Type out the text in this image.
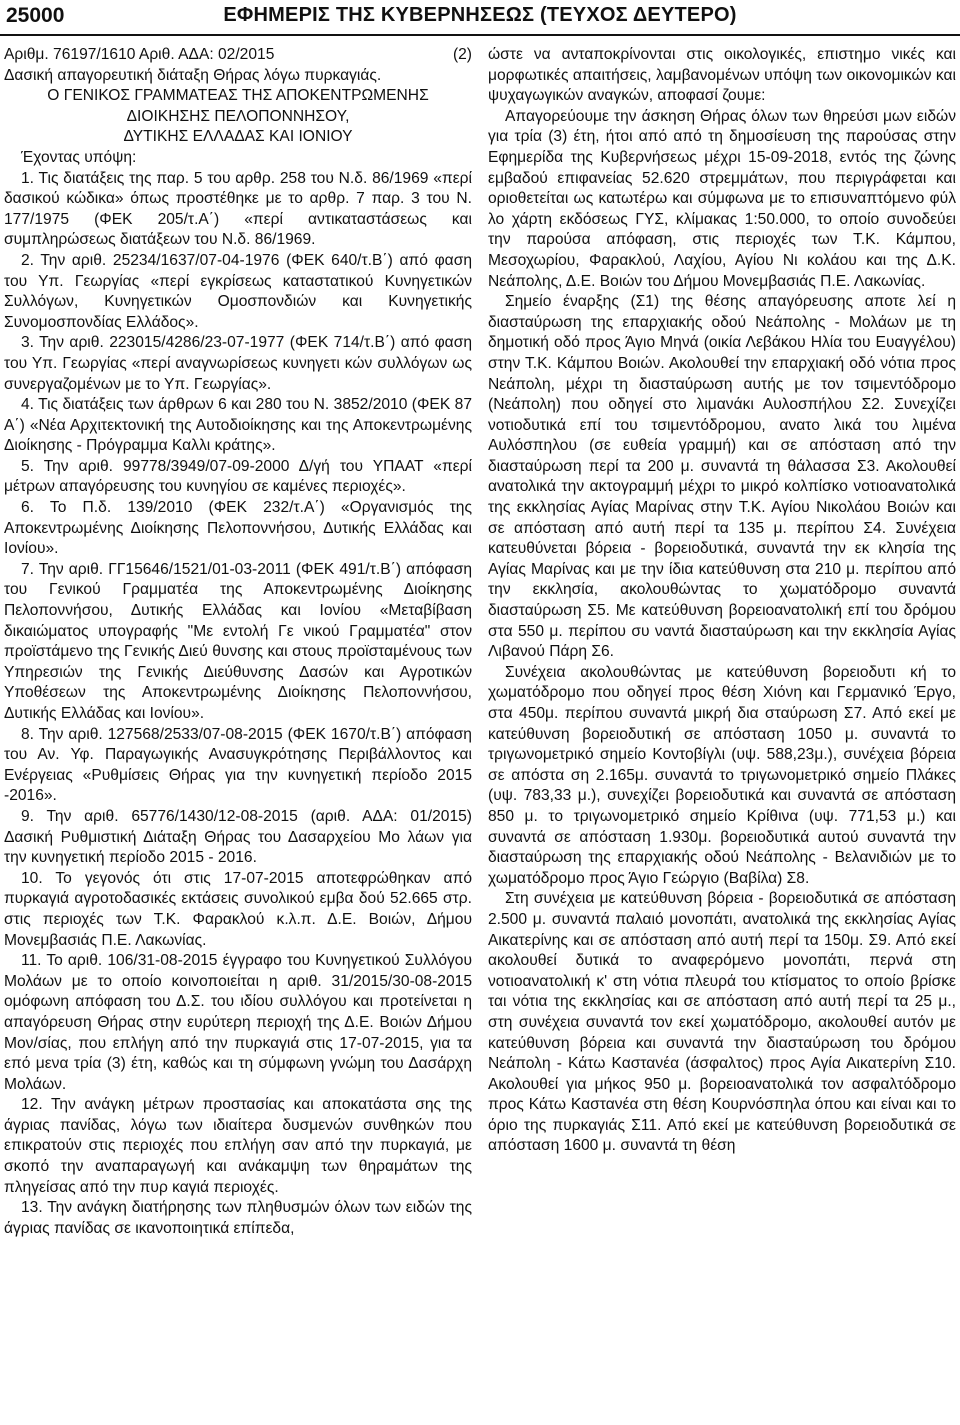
25000	ΕΦΗΜΕΡΙΣ ΤΗΣ ΚΥΒΕΡΝΗΣΕΩΣ (ΤΕΥΧΟΣ ΔΕΥΤΕΡΟ)

Αριθμ. 76197/1610 Αριθ. ΑΔΑ: 02/2015	(2)

Δασική απαγορευτική διάταξη Θήρας λόγω πυρκαγιάς.

Ο ΓΕΝΙΚΟΣ ΓΡΑΜΜΑΤΕΑΣ ΤΗΣ ΑΠΟΚΕΝΤΡΩΜΕΝΗΣ

ΔΙΟΙΚΗΣΗΣ ΠΕΛΟΠΟΝΝΗΣΟΥ,

ΔΥΤΙΚΗΣ ΕΛΛΑΔΑΣ ΚΑΙ ΙΟΝΙΟΥ

Έχοντας υπόψη:

1. Τις διατάξεις της παρ. 5 του αρθρ. 258 του Ν.δ. 86/1969 «περί δασικού κώδικα» όπως προστέθηκε με το αρθρ. 7 παρ. 3 του Ν. 177/1975 (ΦΕΚ 205/τ.Α΄) «περί αντικαταστάσεως και συμπληρώσεως διατάξεων του Ν.δ. 86/1969.

2. Την αριθ. 25234/1637/07-04-1976 (ΦΕΚ 640/τ.Β΄) από φαση του Υπ. Γεωργίας «περί εγκρίσεως καταστατικού Κυνηγετικών Συλλόγων, Κυνηγετικών Ομοσπονδιών και Κυνηγετικής Συνομοσπονδίας Ελλάδος».

3. Την αριθ. 223015/4286/23-07-1977 (ΦΕΚ 714/τ.Β΄) από φαση του Υπ. Γεωργίας «περί αναγνωρίσεως κυνηγετι κών συλλόγων ως συνεργαζομένων με το Υπ. Γεωργίας».

4. Τις διατάξεις των άρθρων 6 και 280 του Ν. 3852/2010 (ΦΕΚ 87 Α΄) «Νέα Αρχιτεκτονική της Αυτοδιοίκησης και της Αποκεντρωμένης Διοίκησης - Πρόγραμμα Καλλι κράτης».

5. Την αριθ. 99778/3949/07-09-2000 Δ/γή του ΥΠΑΑΤ «περί μέτρων απαγόρευσης του κυνηγίου σε καμένες περιοχές».

6. Το Π.δ. 139/2010 (ΦΕΚ 232/τ.Α΄) «Οργανισμός της Αποκεντρωμένης Διοίκησης Πελοποννήσου, Δυτικής Ελλάδας και Ιονίου».

7. Την αριθ. ΓΓ15646/1521/01-03-2011 (ΦΕΚ 491/τ.Β΄) απόφαση του Γενικού Γραμματέα της Αποκεντρωμένης Διοίκησης Πελοποννήσου, Δυτικής Ελλάδας και Ιονίου «Μεταβίβαση δικαιώματος υπογραφής "Με εντολή Γε νικού Γραμματέα" στον προϊστάμενο της Γενικής Διεύ θυνσης και στους προϊσταμένους των Υπηρεσιών της Γενικής Διεύθυνσης Δασών και Αγροτικών Υποθέσεων της Αποκεντρωμένης Διοίκησης Πελοποννήσου, Δυτικής Ελλάδας και Ιονίου».

8. Την αριθ. 127568/2533/07-08-2015 (ΦΕΚ 1670/τ.Β΄) απόφαση του Αν. Υφ. Παραγωγικής Ανασυγκρότησης Περιβάλλοντος και Ενέργειας «Ρυθμίσεις Θήρας για την κυνηγετική περίοδο 2015 -2016».

9. Την αριθ. 65776/1430/12-08-2015 (αριθ. ΑΔΑ: 01/2015) Δασική Ρυθμιστική Διάταξη Θήρας του Δασαρχείου Μο λάων για την κυνηγετική περίοδο 2015 - 2016.

10. Το γεγονός ότι στις 17-07-2015 αποτεφρώθηκαν από πυρκαγιά αγροτοδασικές εκτάσεις συνολικού εμβα δού 52.665 στρ. στις περιοχές των Τ.Κ. Φαρακλού κ.λ.π. Δ.Ε. Βοιών, Δήμου Μονεμβασιάς Π.Ε. Λακωνίας.

11. Το αριθ. 106/31-08-2015 έγγραφο του Κυνηγετικού Συλλόγου Μολάων με το οποίο κοινοποιείται η αριθ. 31/2015/30-08-2015 ομόφωνη απόφαση του Δ.Σ. του ιδίου συλλόγου και προτείνεται η απαγόρευση Θήρας στην ευρύτερη περιοχή της Δ.Ε. Βοιών Δήμου Μον/σίας, που επλήγη από την πυρκαγιά στις 17-07-2015, για τα επό μενα τρία (3) έτη, καθώς και τη σύμφωνη γνώμη του Δασάρχη Μολάων.

12. Την ανάγκη μέτρων προστασίας και αποκατάστα σης της άγριας πανίδας, λόγω των ιδιαίτερα δυσμενών συνθηκών που επικρατούν στις περιοχές που επλήγη σαν από την πυρκαγιά, με σκοπό την αναπαραγωγή και ανάκαμψη των θηραμάτων της πληγείσας από την πυρ καγιά περιοχές.

13. Την ανάγκη διατήρησης των πληθυσμών όλων των ειδών της άγριας πανίδας σε ικανοποιητικά επίπεδα,

ώστε να ανταποκρίνονται στις οικολογικές, επιστημο νικές και μορφωτικές απαιτήσεις, λαμβανομένων υπόψη των οικονομικών και ψυχαγωγικών αναγκών, αποφασί ζουμε:

Απαγορεύουμε την άσκηση Θήρας όλων των θηρεύσι μων ειδών για τρία (3) έτη, ήτοι από από τη δημοσίευση της παρούσας στην Εφημερίδα της Κυβερνήσεως μέχρι 15-09-2018, εντός της ζώνης εμβαδού επιφανείας 52.620 στρεμμάτων, που περιγράφεται και οριοθετείται ως κατωτέρω και σύμφωνα με το επισυναπτόμενο φύλ λο χάρτη εκδόσεως ΓΥΣ, κλίμακας 1:50.000, το οποίο συνοδεύει την παρούσα απόφαση, στις περιοχές των Τ.Κ. Κάμπου, Μεσοχωρίου, Φαρακλού, Λαχίου, Αγίου Νι κολάου και της Δ.Κ. Νεάπολης, Δ.Ε. Βοιών του Δήμου Μονεμβασιάς Π.Ε. Λακωνίας.

Σημείο έναρξης (Σ1) της θέσης απαγόρευσης αποτε λεί η διασταύρωση της επαρχιακής οδού Νεάπολης - Μολάων με τη δημοτική οδό προς Άγιο Μηνά (οικία Λεβάκου Ηλία του Ευαγγέλου) στην Τ.Κ. Κάμπου Βοιών. Ακολουθεί την επαρχιακή οδό νότια προς Νεάπολη, μέχρι τη διασταύρωση αυτής με τον τσιμεντόδρομο (Νεάπολη) που οδηγεί στο λιμανάκι Αυλοσπήλου Σ2. Συνεχίζει νοτιοδυτικά επί του τσιμεντόδρομου, ανατο λικά του λιμένα Αυλόσπηλου (σε ευθεία γραμμή) και σε απόσταση από την διασταύρωση περί τα 200 μ. συναντά τη θάλασσα Σ3. Ακολουθεί ανατολικά την ακτογραμμή μέχρι το μικρό κολπίσκο νοτιοανατολικά της εκκλησίας Αγίας Μαρίνας στην Τ.Κ. Αγίου Νικολάου Βοιών και σε απόσταση από αυτή περί τα 135 μ. περίπου Σ4. Συνέχεια κατευθύνεται βόρεια - βορειοδυτικά, συναντά την εκ κλησία της Αγίας Μαρίνας και με την ίδια κατεύθυνση στα 210 μ. περίπου από την εκκλησία, ακολουθώντας το χωματόδρομο συναντά διασταύρωση Σ5. Με κατεύθυνση βορειοανατολική επί του δρόμου στα 550 μ. περίπου συ ναντά διασταύρωση και την εκκλησία Αγίας Λιβανού Πάρη Σ6.

Συνέχεια ακολουθώντας με κατεύθυνση βορειοδυτι κή το χωματόδρομο που οδηγεί προς θέση Χιόνη και Γερμανικό Έργο, στα 450μ. περίπου συναντά μικρή δια σταύρωση Σ7. Από εκεί με κατεύθυνση βορειοδυτική σε απόσταση 1050 μ. συναντά το τριγωνομετρικό σημείο Κοντοβίγλι (υψ. 588,23μ.), συνέχεια βόρεια σε απόστα ση 2.165μ. συναντά το τριγωνομετρικό σημείο Πλάκες (υψ. 783,33 μ.), συνεχίζει βορειοδυτικά και συναντά σε απόσταση 850 μ. το τριγωνομετρικό σημείο Κρίθινα (υψ. 771,53 μ.) και συναντά σε απόσταση 1.930μ. βορειοδυτικά αυτού συναντά την διασταύρωση της επαρχιακής οδού Νεάπολης - Βελανιδιών με το χωματόδρομο προς Άγιο Γεώργιο (Βαβίλα) Σ8.

Στη συνέχεια με κατεύθυνση βόρεια - βορειοδυτικά σε απόσταση 2.500 μ. συναντά παλαιό μονοπάτι, ανατολικά της εκκλησίας Αγίας Αικατερίνης και σε απόσταση από αυτή περί τα 150μ. Σ9. Από εκεί ακολουθεί δυτικά το αναφερόμενο μονοπάτι, περνά στη νοτιοανατολική κ' στη νότια πλευρά του κτίσματος το οποίο βρίσκε ται νότια της εκκλησίας και σε απόσταση από αυτή περί τα 25 μ., στη συνέχεια συναντά τον εκεί χωματόδρομο, ακολουθεί αυτόν με κατεύθυνση βόρεια και συναντά την διασταύρωση του δρόμου Νεάπολη - Κάτω Καστανέα (άσφαλτος) προς Αγία Αικατερίνη Σ10. Ακολουθεί για μήκος 950 μ. βορειοανατολικά τον ασφαλτόδρομο προς Κάτω Καστανέα στη θέση Κουρνόσπηλα όπου και είναι και το όριο της πυρκαγιάς Σ11. Από εκεί με κατεύθυνση βορειοδυτικά σε απόσταση 1600 μ. συναντά τη θέση
